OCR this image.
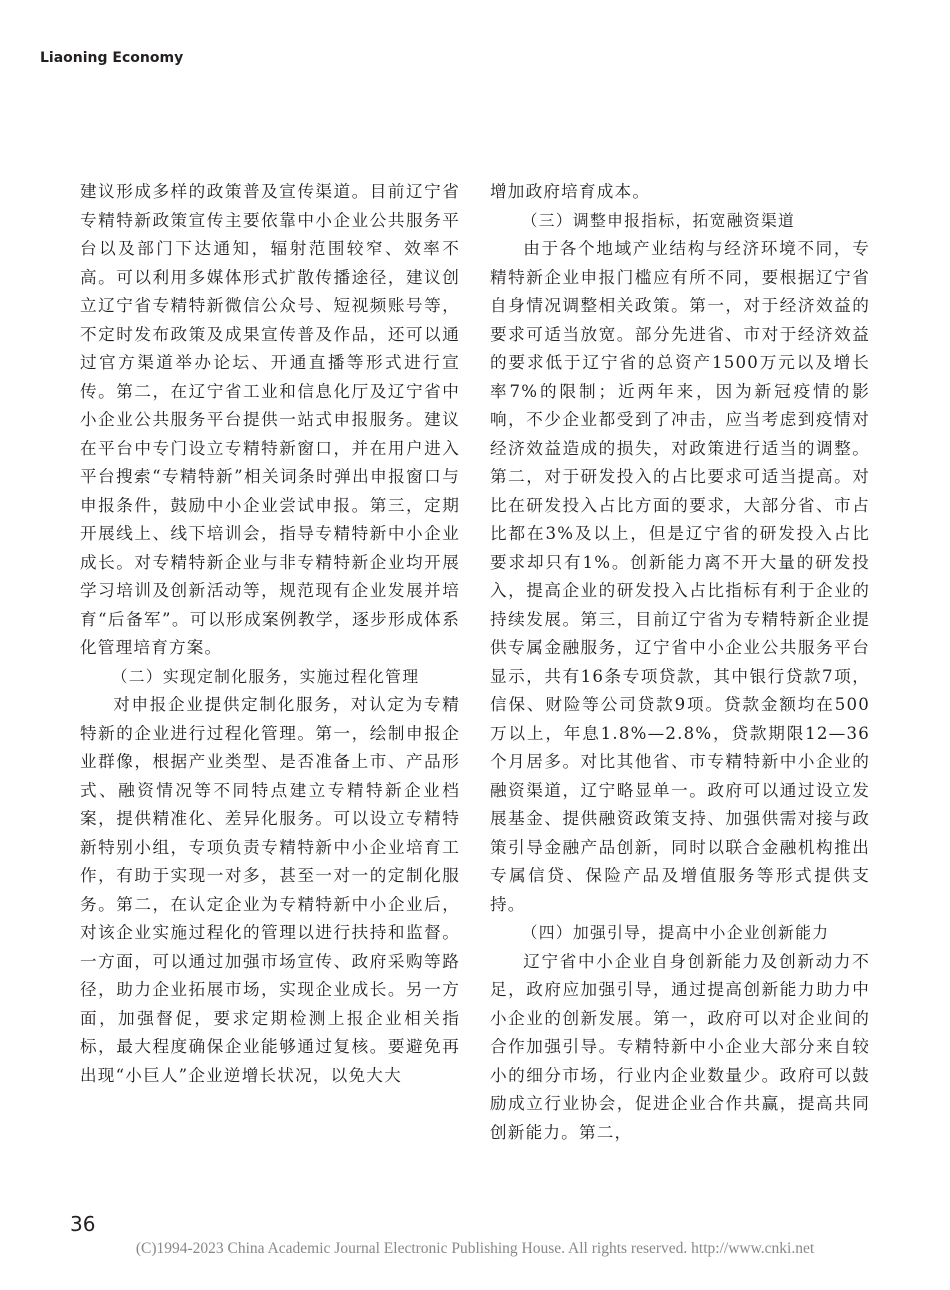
Liaoning Economy

建议形成多样的政策普及宣传渠道。目前辽宁省专精特新政策宣传主要依靠中小企业公共服务平台以及部门下达通知，辐射范围较窄、效率不高。可以利用多媒体形式扩散传播途径，建议创立辽宁省专精特新微信公众号、短视频账号等，不定时发布政策及成果宣传普及作品，还可以通过官方渠道举办论坛、开通直播等形式进行宣传。第二，在辽宁省工业和信息化厅及辽宁省中小企业公共服务平台提供一站式申报服务。建议在平台中专门设立专精特新窗口，并在用户进入平台搜索“专精特新”相关词条时弹出申报窗口与申报条件，鼓励中小企业尝试申报。第三，定期开展线上、线下培训会，指导专精特新中小企业成长。对专精特新企业与非专精特新企业均开展学习培训及创新活动等，规范现有企业发展并培育“后备军”。可以形成案例教学，逐步形成体系化管理培育方案。

（二）实现定制化服务，实施过程化管理

对申报企业提供定制化服务，对认定为专精特新的企业进行过程化管理。第一，绘制申报企业群像，根据产业类型、是否准备上市、产品形式、融资情况等不同特点建立专精特新企业档案，提供精准化、差异化服务。可以设立专精特新特别小组，专项负责专精特新中小企业培育工作，有助于实现一对多，甚至一对一的定制化服务。第二，在认定企业为专精特新中小企业后，对该企业实施过程化的管理以进行扶持和监督。一方面，可以通过加强市场宣传、政府采购等路径，助力企业拓展市场，实现企业成长。另一方面，加强督促，要求定期检测上报企业相关指标，最大程度确保企业能够通过复核。要避免再出现“小巨人”企业逆增长状况，以免大大

增加政府培育成本。

（三）调整申报指标，拓宽融资渠道

由于各个地域产业结构与经济环境不同，专精特新企业申报门槛应有所不同，要根据辽宁省自身情况调整相关政策。第一，对于经济效益的要求可适当放宽。部分先进省、市对于经济效益的要求低于辽宁省的总资产1500万元以及增长率7%的限制；近两年来，因为新冠疫情的影响，不少企业都受到了冲击，应当考虑到疫情对经济效益造成的损失，对政策进行适当的调整。第二，对于研发投入的占比要求可适当提高。对比在研发投入占比方面的要求，大部分省、市占比都在3%及以上，但是辽宁省的研发投入占比要求却只有1%。创新能力离不开大量的研发投入，提高企业的研发投入占比指标有利于企业的持续发展。第三，目前辽宁省为专精特新企业提供专属金融服务，辽宁省中小企业公共服务平台显示，共有16条专项贷款，其中银行贷款7项，信保、财险等公司贷款9项。贷款金额均在500万以上，年息1.8%—2.8%，贷款期限12—36个月居多。对比其他省、市专精特新中小企业的融资渠道，辽宁略显单一。政府可以通过设立发展基金、提供融资政策支持、加强供需对接与政策引导金融产品创新，同时以联合金融机构推出专属信贷、保险产品及增值服务等形式提供支持。

（四）加强引导，提高中小企业创新能力

辽宁省中小企业自身创新能力及创新动力不足，政府应加强引导，通过提高创新能力助力中小企业的创新发展。第一，政府可以对企业间的合作加强引导。专精特新中小企业大部分来自较小的细分市场，行业内企业数量少。政府可以鼓励成立行业协会，促进企业合作共赢，提高共同创新能力。第二，

36
(C)1994-2023 China Academic Journal Electronic Publishing House. All rights reserved. http://www.cnki.net
